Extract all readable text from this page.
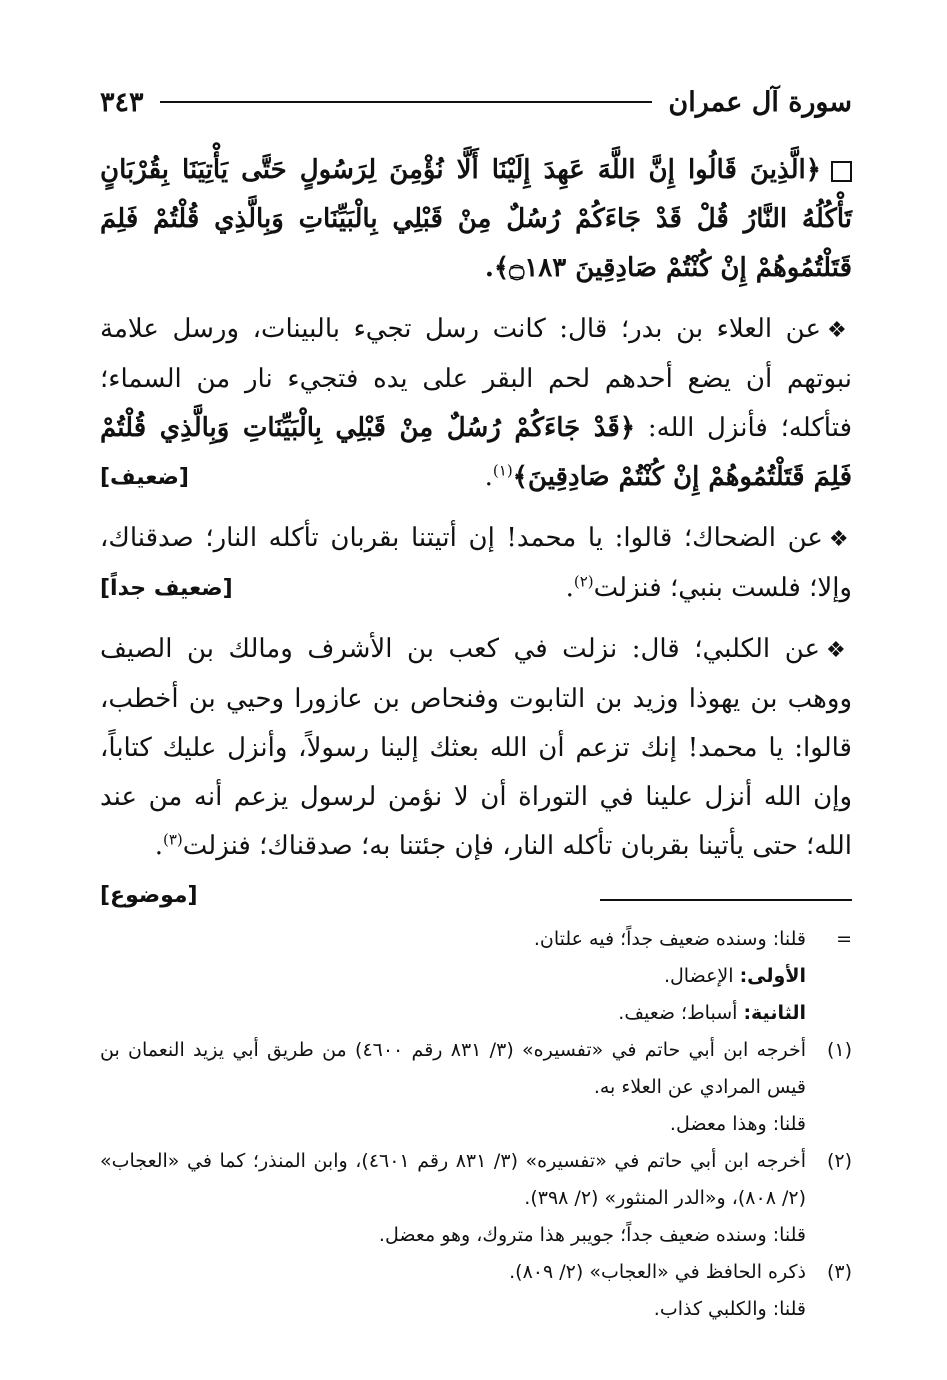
سورة آل عمران
٣٤٣
﴿الَّذِينَ قَالُوا إِنَّ اللَّهَ عَهِدَ إِلَيْنَا أَلَّا نُؤْمِنَ لِرَسُولٍ حَتَّى يَأْتِيَنَا بِقُرْبَانٍ تَأْكُلُهُ النَّارُ قُلْ قَدْ جَاءَكُمْ رُسُلٌ مِنْ قَبْلِي بِالْبَيِّنَاتِ وَبِالَّذِي قُلْتُمْ فَلِمَ قَتَلْتُمُوهُمْ إِنْ كُنْتُمْ صَادِقِينَ ۝١٨٣﴾.
❖عن العلاء بن بدر؛ قال: كانت رسل تجيء بالبينات، ورسل علامة نبوتهم أن يضع أحدهم لحم البقر على يده فتجيء نار من السماء؛ فتأكله؛ فأنزل الله: ﴿قَدْ جَاءَكُمْ رُسُلٌ مِنْ قَبْلِي بِالْبَيِّنَاتِ وَبِالَّذِي قُلْتُمْ فَلِمَ قَتَلْتُمُوهُمْ إِنْ كُنْتُمْ صَادِقِينَ﴾$^{(١)}$.
[ضعيف]
❖عن الضحاك؛ قالوا: يا محمد! إن أتيتنا بقربان تأكله النار؛ صدقناك، وإلا؛ فلست بنبي؛ فنزلت$^{(٢)}$.
[ضعيف جداً]
❖عن الكلبي؛ قال: نزلت في كعب بن الأشرف ومالك بن الصيف ووهب بن يهوذا وزيد بن التابوت وفنحاص بن عازورا وحيي بن أخطب، قالوا: يا محمد! إنك تزعم أن الله بعثك إلينا رسولاً، وأنزل عليك كتاباً، وإن الله أنزل علينا في التوراة أن لا نؤمن لرسول يزعم أنه من عند الله؛ حتى يأتينا بقربان تأكله النار، فإن جئتنا به؛ صدقناك؛ فنزلت$^{(٣)}$.
[موضوع]
=
قلنا: وسنده ضعيف جداً؛ فيه علتان.
الأولى: الإعضال.
الثانية: أسباط؛ ضعيف.
(١)
أخرجه ابن أبي حاتم في «تفسيره» (٣/ ٨٣١ رقم ٤٦٠٠) من طريق أبي يزيد النعمان بن قيس المرادي عن العلاء به.
قلنا: وهذا معضل.
(٢)
أخرجه ابن أبي حاتم في «تفسيره» (٣/ ٨٣١ رقم ٤٦٠١)، وابن المنذر؛ كما في «العجاب» (٢/ ٨٠٨)، و«الدر المنثور» (٢/ ٣٩٨).
قلنا: وسنده ضعيف جداً؛ جويبر هذا متروك، وهو معضل.
(٣)
ذكره الحافظ في «العجاب» (٢/ ٨٠٩).
قلنا: والكلبي كذاب.
